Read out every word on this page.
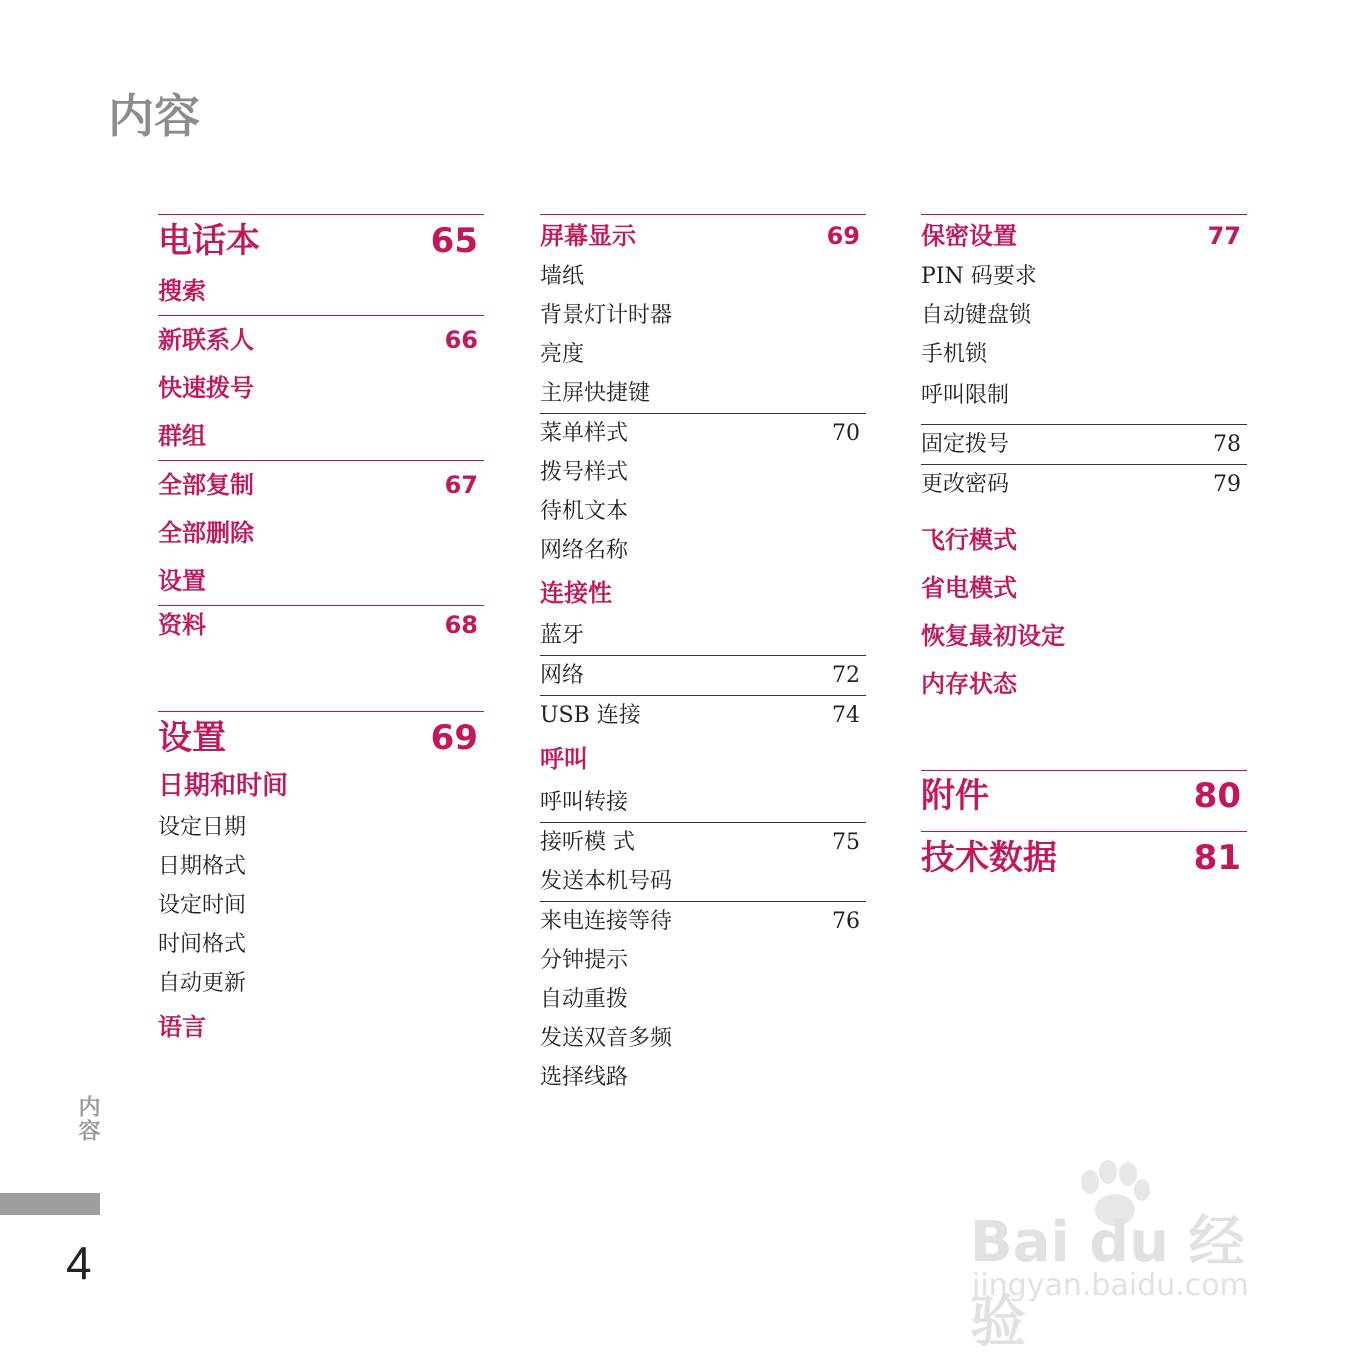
内容
电话本	65
搜索
新联系人	66
快速拨号
群组
全部复制	67
全部删除
设置
资料	68
设置	69
日期和时间
设定日期
日期格式
设定时间
时间格式
自动更新
语言
屏幕显示	69
墙纸
背景灯计时器
亮度
主屏快捷键
菜单样式	70
拨号样式
待机文本
网络名称
连接性
蓝牙
网络	72
USB 连接	74
呼叫
呼叫转接
接听模 式	75
发送本机号码
来电连接等待	76
分钟提示
自动重拨
发送双音多频
选择线路
保密设置	77
PIN 码要求
自动键盘锁
手机锁
呼叫限制
固定拨号	78
更改密码	79
飞行模式
省电模式
恢复最初设定
内存状态
附件	80
技术数据	81
内容
4	Bai du 经验
jingyan.baidu.com
